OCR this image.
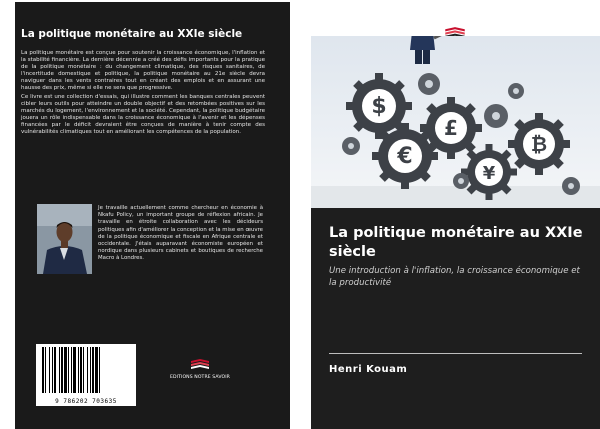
La politique monétaire au XXIe siècle

La politique monétaire est conçue pour soutenir la croissance économique, l'inflation et la stabilité financière. La dernière décennie a créé des défis importants pour la pratique de la politique monétaire : du changement climatique, des risques sanitaires, de l'incertitude domestique et politique, la politique monétaire au 21e siècle devra naviguer dans les vents contraires tout en créant des emplois et en assurant une hausse des prix, même si elle ne sera que progressive.

Ce livre est une collection d'essais, qui illustre comment les banques centrales peuvent cibler leurs outils pour atteindre un double objectif et des retombées positives sur les marchés du logement, l'environnement et la société. Cependant, la politique budgétaire jouera un rôle indispensable dans la croissance économique à l'avenir et les dépenses financées par le déficit devraient être conçues de manière à tenir compte des vulnérabilités climatiques tout en améliorant les compétences de la population.

Je travaille actuellement comme chercheur en économie à Nkafu Policy, un important groupe de réflexion africain. Je travaille en étroite collaboration avec les décideurs politiques afin d'améliorer la conception et la mise en œuvre de la politique économique et fiscale en Afrique centrale et occidentale. J'étais auparavant économiste européen et nordique dans plusieurs cabinets et boutiques de recherche Macro à Londres.

9 786202 703635
EDITIONS NOTRE SAVOIR
$
£
€
¥
₿
La politique monétaire au XXIe siècle

Une introduction à l'inflation, la croissance économique et la productivité

Henri Kouam
